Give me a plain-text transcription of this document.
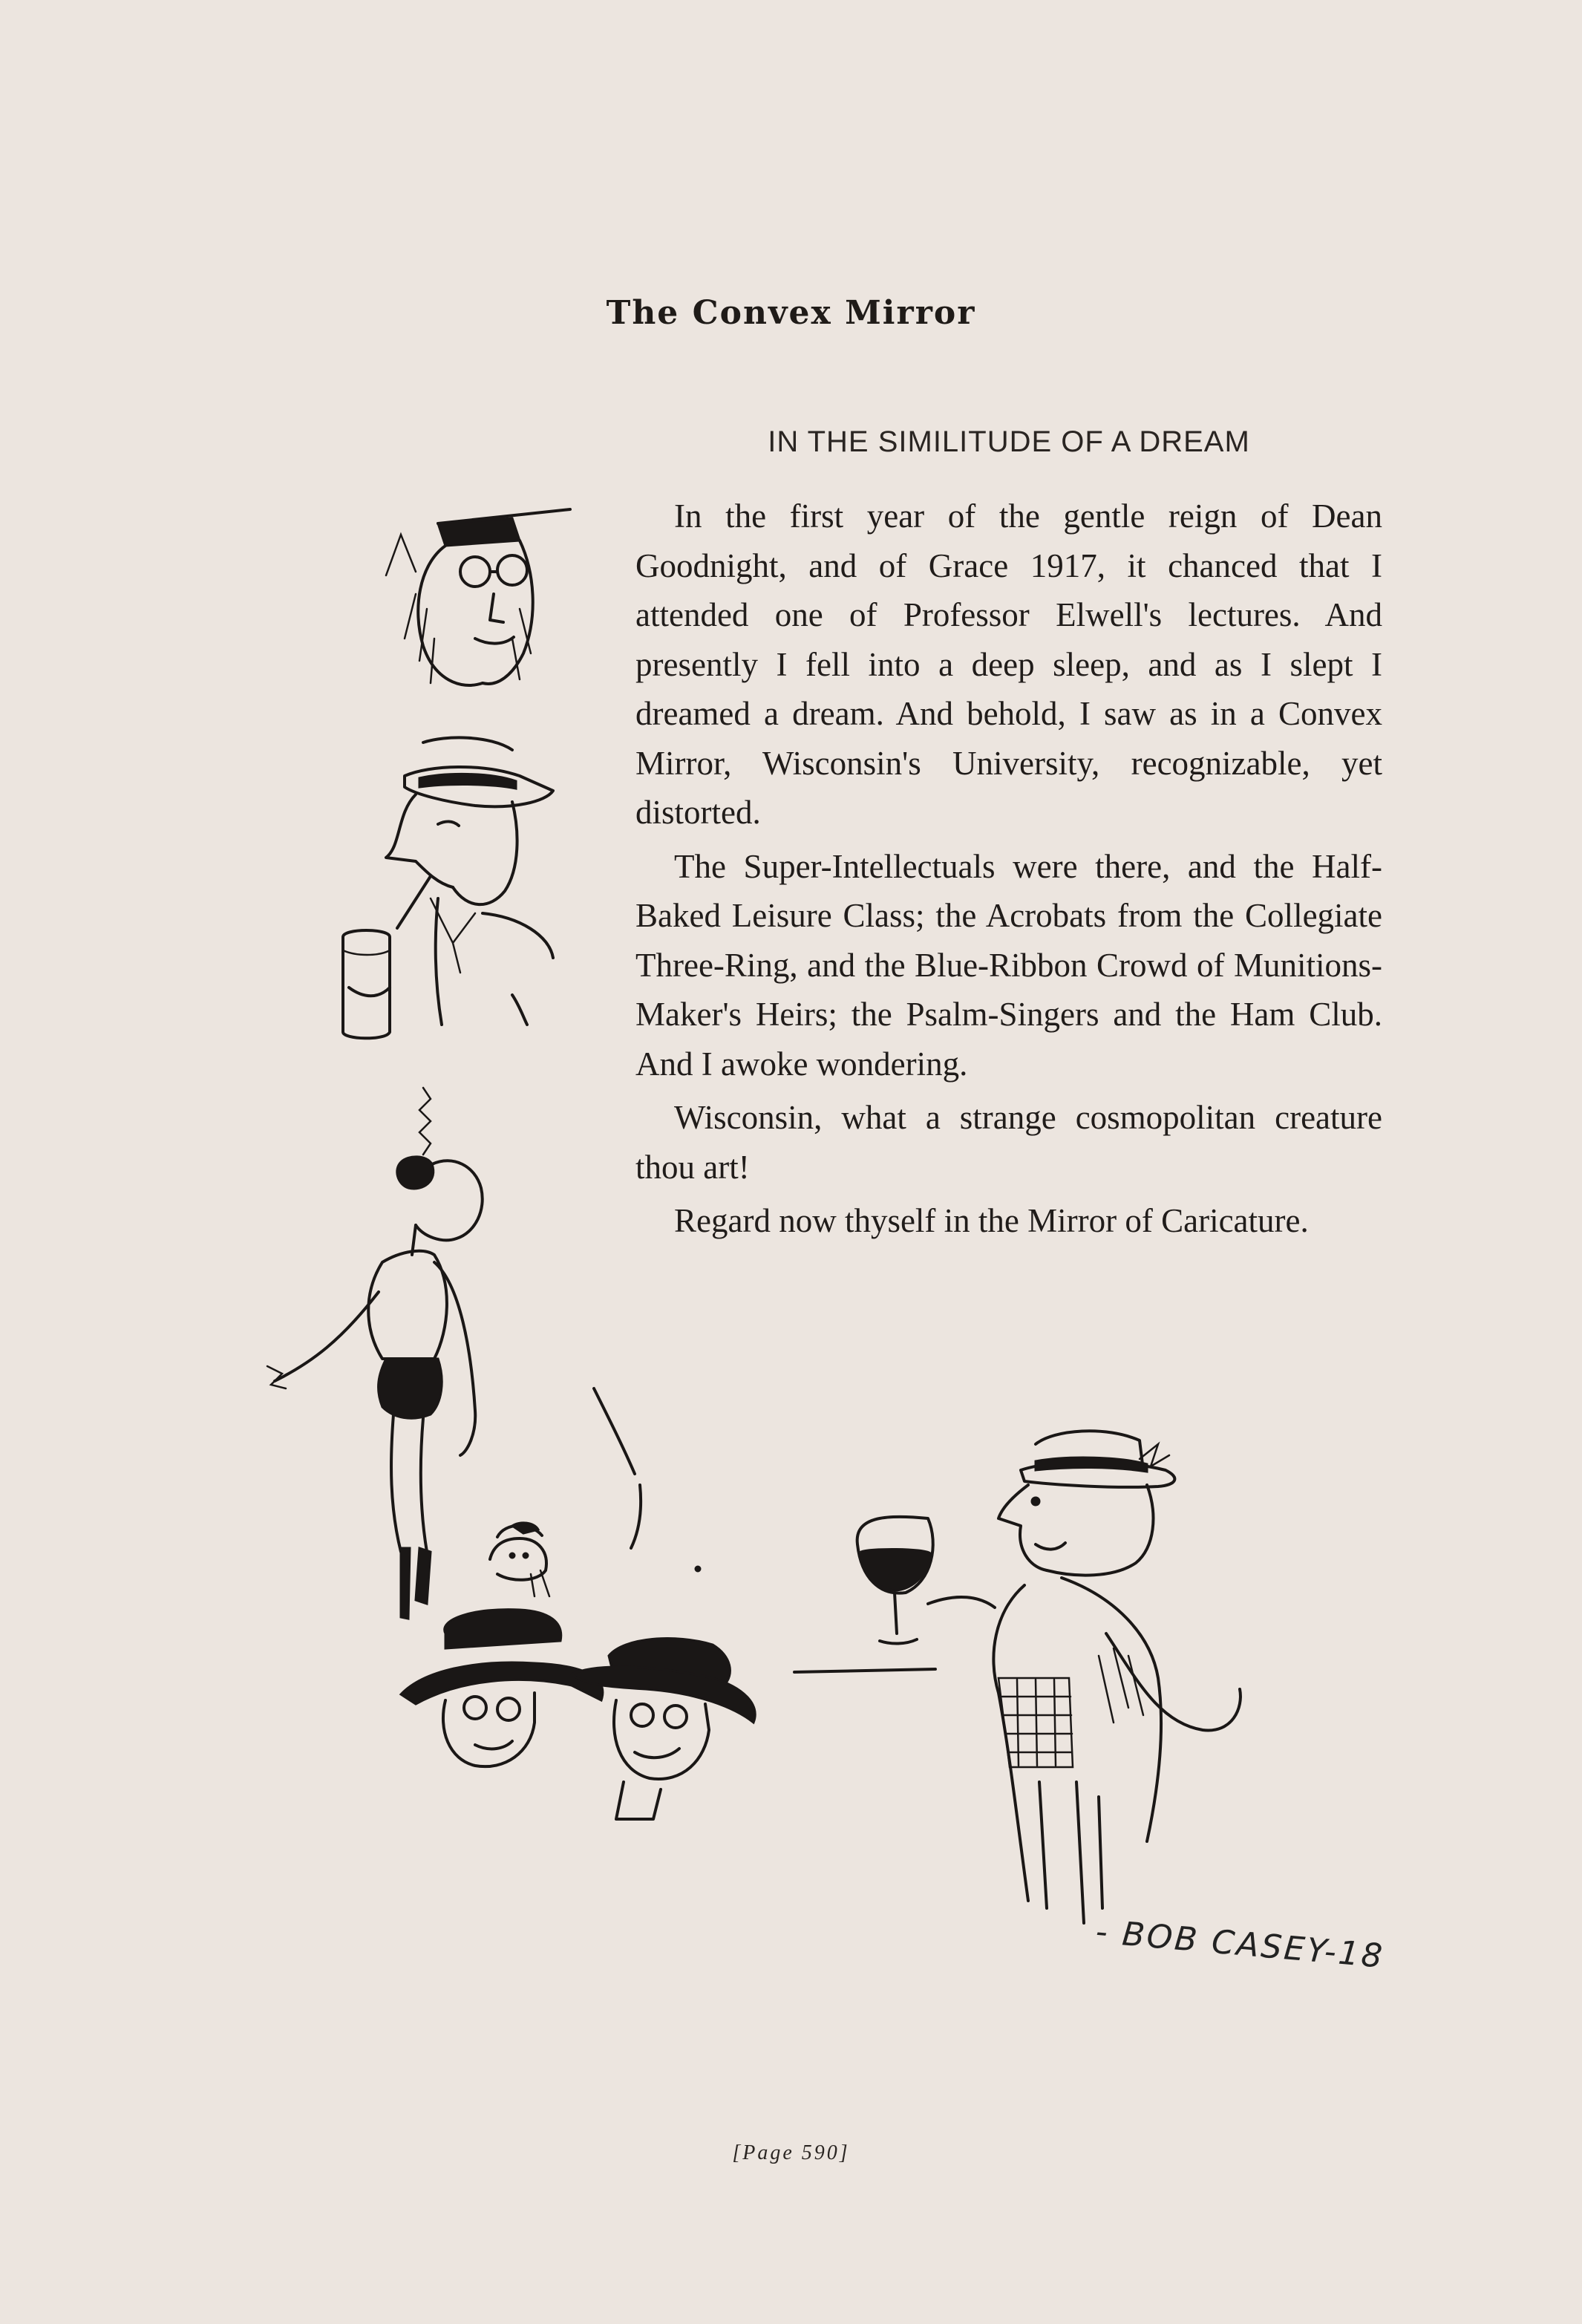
The Convex Mirror
IN THE SIMILITUDE OF A DREAM

In the first year of the gentle reign of Dean Goodnight, and of Grace 1917, it chanced that I attended one of Professor Elwell's lectures. And presently I fell into a deep sleep, and as I slept I dreamed a dream. And behold, I saw as in a Convex Mirror, Wisconsin's University, recognizable, yet distorted.

The Super-Intellectuals were there, and the Half-Baked Leisure Class; the Acrobats from the Collegiate Three-Ring, and the Blue-Ribbon Crowd of Munitions-Maker's Heirs; the Psalm-Singers and the Ham Club. And I awoke wondering.

Wisconsin, what a strange cosmopolitan creature thou art!

Regard now thyself in the Mirror of Caricature.

- BOB CASEY-18
[Page 590]
